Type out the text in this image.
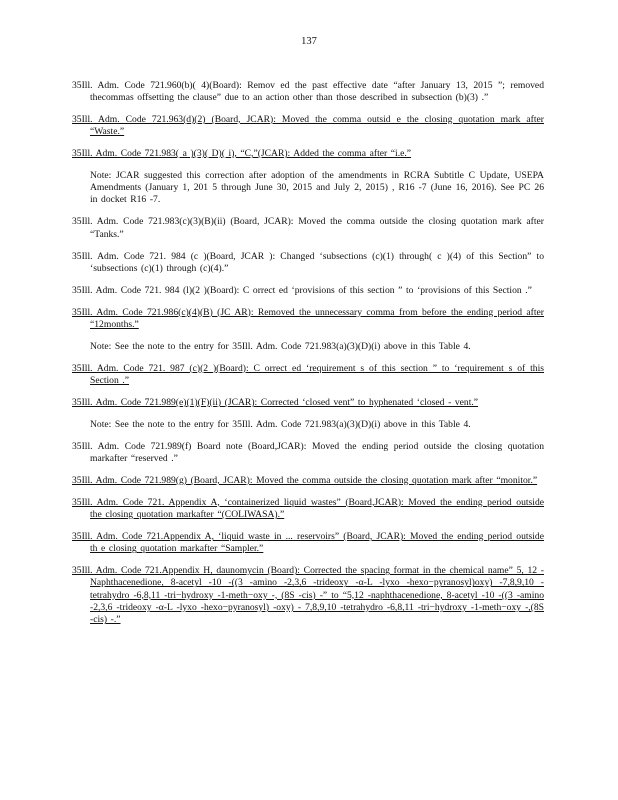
137

35Ill. Adm. Code 721.960(b)( 4)(Board): Remov ed the past effective date “after January 13, 2015 ”; removed thecommas offsetting the clause” due to an action other than those described in subsection (b)(3) .”

35Ill. Adm. Code 721.963(d)(2) (Board, JCAR): Moved the comma outsid e the closing quotation mark after “Waste.”

35Ill. Adm. Code 721.983( a )(3)( D)( i), “C,”(JCAR): Added the comma after “i.e.”

Note: JCAR suggested this correction after adoption of the amendments in RCRA Subtitle C Update, USEPA Amendments (January 1, 201 5 through June 30, 2015 and July 2, 2015) , R16 -7 (June 16, 2016). See PC 26 in docket R16 -7.

35Ill. Adm. Code 721.983(c)(3)(B)(ii) (Board, JCAR): Moved the comma outside the closing quotation mark after “Tanks.”

35Ill. Adm. Code 721. 984 (c )(Board, JCAR ): Changed ‘subsections (c)(1) through( c )(4) of this Section” to ‘subsections (c)(1) through (c)(4).”

35Ill. Adm. Code 721. 984 (l)(2 )(Board): C orrect ed ‘provisions of this section ” to ‘provisions of this Section .”

35Ill. Adm. Code 721.986(c)(4)(B) (JC AR): Removed the unnecessary comma from before the ending period after “12months.”

Note: See the note to the entry for 35Ill. Adm. Code 721.983(a)(3)(D)(i) above in this Table 4.

35Ill. Adm. Code 721. 987 (c)(2 )(Board): C orrect ed ‘requirement s of this section ” to ‘requirement s of this Section .”

35Ill. Adm. Code 721.989(e)(1)(F)(ii) (JCAR): Corrected ‘closed vent” to hyphenated ‘closed - vent.”

Note: See the note to the entry for 35Ill. Adm. Code 721.983(a)(3)(D)(i) above in this Table 4.

35Ill. Adm. Code 721.989(f) Board note (Board,JCAR): Moved the ending period outside the closing quotation markafter “reserved .”

35Ill. Adm. Code 721.989(g) (Board, JCAR): Moved the comma outside the closing quotation mark after “monitor.”

35Ill. Adm. Code 721. Appendix A, ‘containerized liquid wastes” (Board,JCAR): Moved the ending period outside the closing quotation markafter “(COLIWASA).”

35Ill. Adm. Code 721.Appendix A, ‘liquid waste in ... reservoirs” (Board, JCAR): Moved the ending period outside th e closing quotation markafter “Sampler.”

35Ill. Adm. Code 721.Appendix H, daunomycin (Board): Corrected the spacing format in the chemical name” 5, 12 -Naphthacenedione, 8-acetyl -10 -((3 -amino -2,3,6 -trideoxy -α-L -lyxo -hexo−pyranosyl)oxy) -7,8,9,10 -tetrahydro -6,8,11 -tri−hydroxy -1-meth−oxy -, (8S -cis) -” to “5,12 -naphthacenedione, 8-acetyl -10 -((3 -amino -2,3,6 -trideoxy -α-L -lyxo -hexo−pyranosyl) -oxy) - 7,8,9,10 -tetrahydro -6,8,11 -tri−hydroxy -1-meth−oxy -,(8S -cis) -.”
